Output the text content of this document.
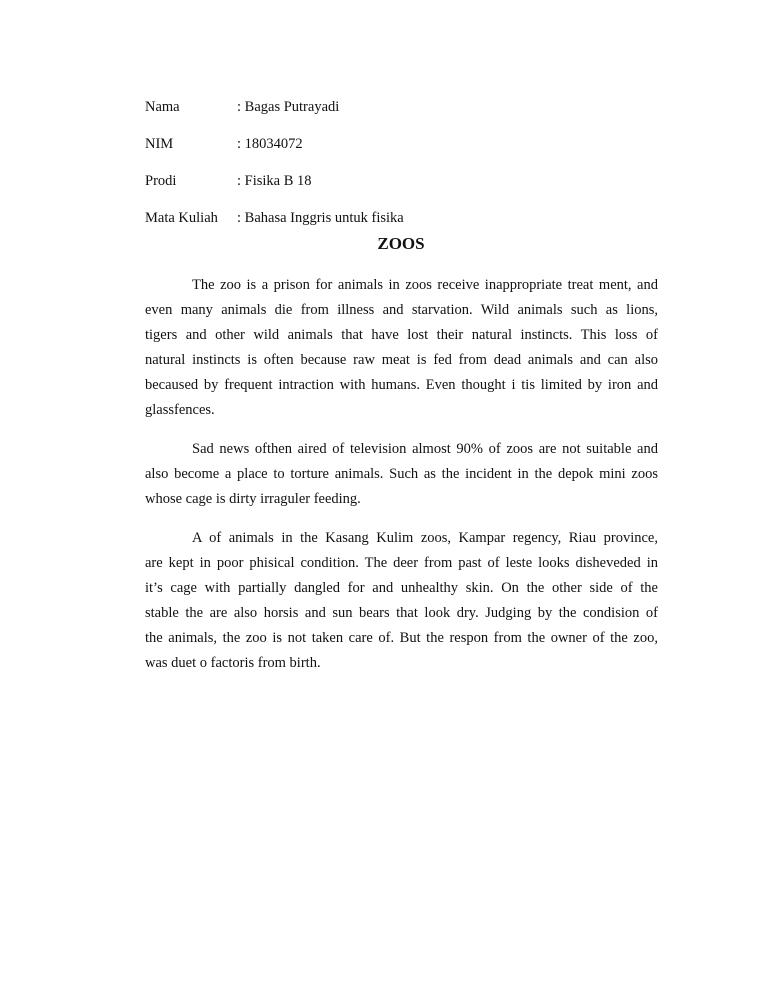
Nama	: Bagas Putrayadi
NIM	: 18034072
Prodi	: Fisika B 18
Mata Kuliah	: Bahasa Inggris untuk fisika
ZOOS
The zoo is a prison for animals in zoos receive inappropriate treat ment, and
even many animals die from illness and starvation. Wild animals such as lions,
tigers and other wild animals that have lost their natural instincts. This loss of
natural instincts is often because raw meat is fed from dead animals and can also
becaused by frequent intraction with humans. Even thought i tis limited by iron and
glassfences.
Sad news ofthen aired of television almost 90% of zoos are not suitable and
also become a place to torture animals. Such as the incident in the depok mini zoos
whose cage is dirty irraguler feeding.
A of animals in the Kasang Kulim zoos, Kampar regency, Riau province,
are kept in poor phisical condition. The deer from past of leste looks disheveded in
it’s cage with partially dangled for and unhealthy skin. On the other side of the
stable the are also horsis and sun bears that look dry. Judging by the condision of
the animals, the zoo is not taken care of. But the respon from the owner of the zoo,
was duet o factoris from birth.
